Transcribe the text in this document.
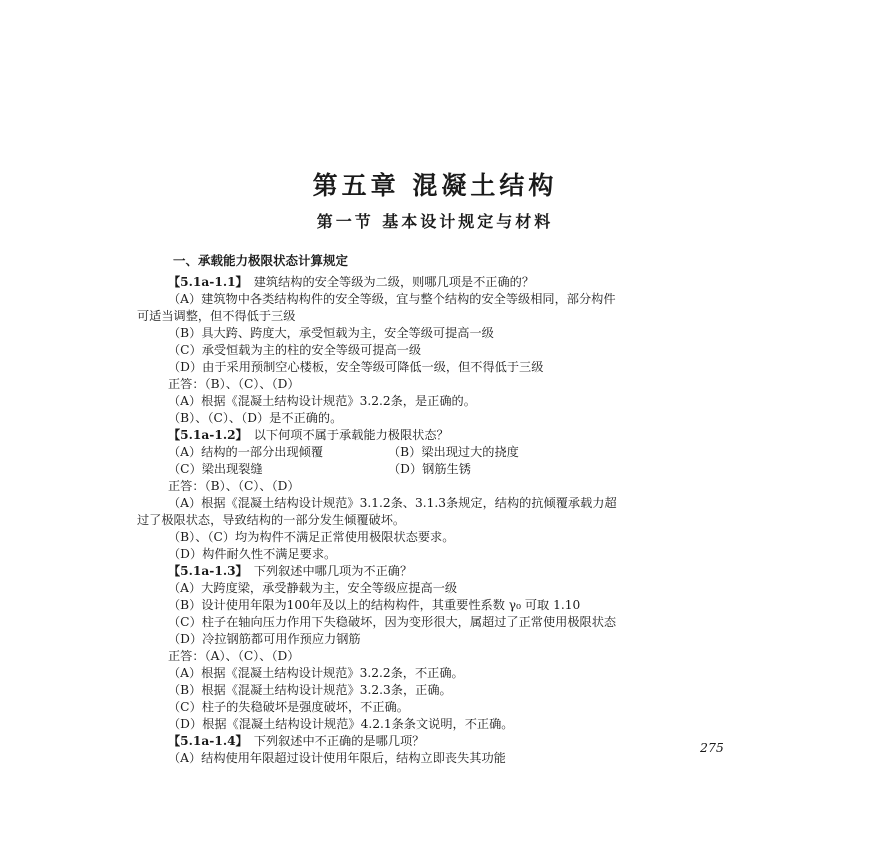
第五章 混凝土结构
第一节 基本设计规定与材料
一、承载能力极限状态计算规定
【5.1a-1.1】 建筑结构的安全等级为二级，则哪几项是不正确的？
（A）建筑物中各类结构构件的安全等级，宜与整个结构的安全等级相同，部分构件
可适当调整，但不得低于三级
（B）具大跨、跨度大，承受恒载为主，安全等级可提高一级
（C）承受恒载为主的柱的安全等级可提高一级
（D）由于采用预制空心楼板，安全等级可降低一级，但不得低于三级
正答：（B）、（C）、（D）
（A）根据《混凝土结构设计规范》3.2.2条，是正确的。
（B）、（C）、（D）是不正确的。
【5.1a-1.2】 以下何项不属于承载能力极限状态？
（A）结构的一部分出现倾覆	（B）梁出现过大的挠度
（C）梁出现裂缝	（D）钢筋生锈
正答：（B）、（C）、（D）
（A）根据《混凝土结构设计规范》3.1.2条、3.1.3条规定，结构的抗倾覆承载力超
过了极限状态，导致结构的一部分发生倾覆破坏。
（B）、（C）均为构件不满足正常使用极限状态要求。
（D）构件耐久性不满足要求。
【5.1a-1.3】 下列叙述中哪几项为不正确？
（A）大跨度梁，承受静载为主，安全等级应提高一级
（B）设计使用年限为100年及以上的结构构件，其重要性系数 γ₀ 可取 1.10
（C）柱子在轴向压力作用下失稳破坏，因为变形很大，属超过了正常使用极限状态
（D）冷拉钢筋都可用作预应力钢筋
正答：（A）、（C）、（D）
（A）根据《混凝土结构设计规范》3.2.2条，不正确。
（B）根据《混凝土结构设计规范》3.2.3条，正确。
（C）柱子的失稳破坏是强度破坏，不正确。
（D）根据《混凝土结构设计规范》4.2.1条条文说明，不正确。
【5.1a-1.4】 下列叙述中不正确的是哪几项？
（A）结构使用年限超过设计使用年限后，结构立即丧失其功能
275
